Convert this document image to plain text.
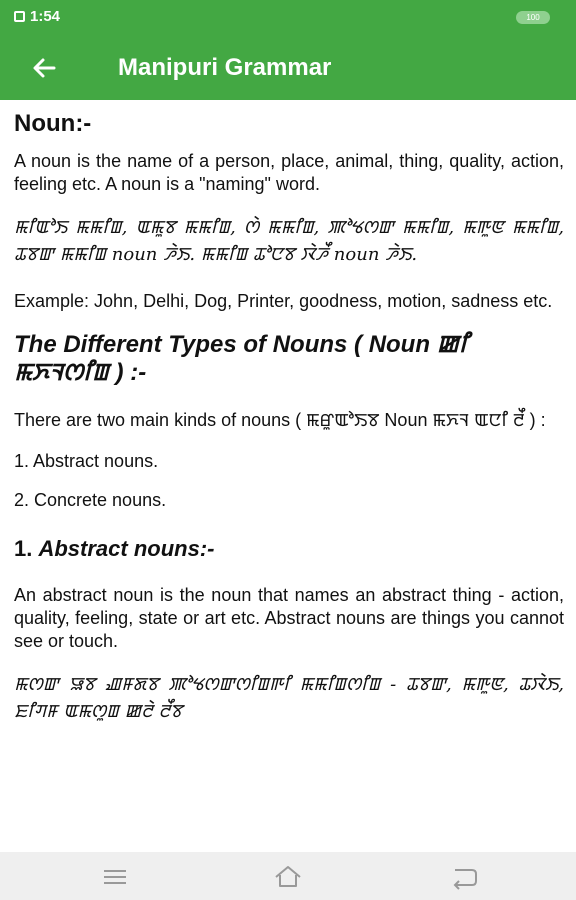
1:54	100
Manipuri Grammar
Noun:-

A noun is the name of a person, place, animal, thing, quality, action, feeling etc. A noun is a "naming" word.

ꯃꯤꯑꯣꯏ ꯃꯃꯤꯡ, ꯑꯃꯨꯕ ꯃꯃꯤꯡ, ꯁꯥ ꯃꯃꯤꯡ, ꯄꯣꯠꯁꯛ ꯃꯃꯤꯡ, ꯃꯒꯨꯟ ꯃꯃꯤꯡ, ꯊꯕꯛ ꯃꯃꯤꯡ noun ꯍꯥꯏ. ꯃꯃꯤꯡ ꯊꯣꯅꯕ ꯋꯥꯍꯩ noun ꯍꯥꯏ.

Example: John, Delhi, Dog, Printer, goodness, motion, sadness etc.

The Different Types of Nouns ( Noun ꯀꯤ ꯃꯈꯜꯁꯤꯡ ) :-

There are two main kinds of nouns ( ꯃꯔꯨꯑꯣꯏꯕ Noun ꯃꯈꯜ ꯑꯅꯤ ꯂꯩ ) :

1. Abstract nouns.

2. Concrete nouns.

1. Abstract nouns:-

An abstract noun is the noun that names an abstract thing - action, quality, feeling, state or art etc. Abstract nouns are things you cannot see or touch.

ꯃꯁꯛ ꯎꯕ ꯉꯝꯗꯕ ꯄꯣꯠꯁꯛꯁꯤꯡꯒꯤ ꯃꯃꯤꯡꯁꯤꯡ - ꯊꯕꯛ, ꯃꯒꯨꯟ, ꯊꯋꯥꯏ, ꯐꯤꯚꯝ ꯑꯃꯁꯨꯡ ꯀꯂꯥ ꯂꯩꯕ
